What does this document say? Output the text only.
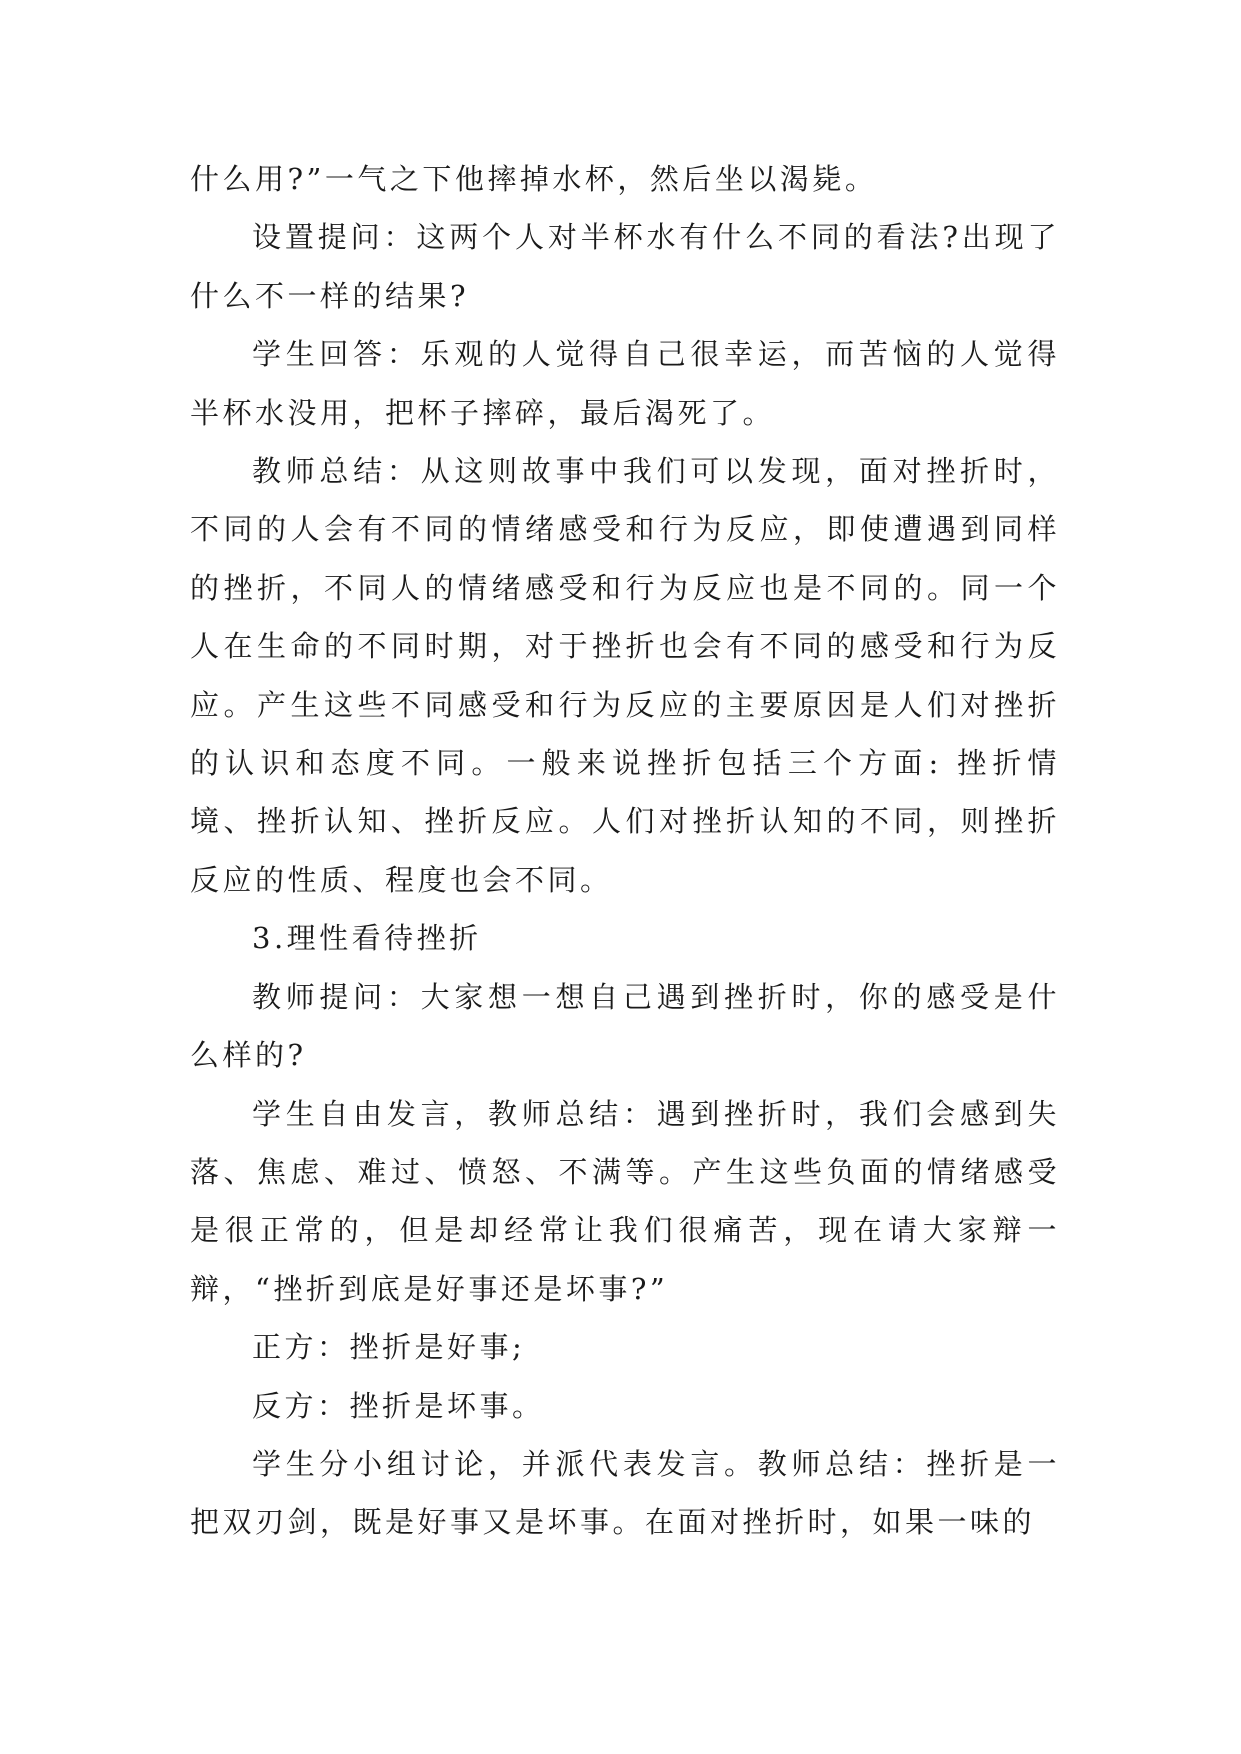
什么用?”一气之下他摔掉水杯，然后坐以渴毙。

设置提问：这两个人对半杯水有什么不同的看法?出现了什么不一样的结果?

学生回答：乐观的人觉得自己很幸运，而苦恼的人觉得半杯水没用，把杯子摔碎，最后渴死了。

教师总结：从这则故事中我们可以发现，面对挫折时，不同的人会有不同的情绪感受和行为反应，即使遭遇到同样的挫折，不同人的情绪感受和行为反应也是不同的。同一个人在生命的不同时期，对于挫折也会有不同的感受和行为反应。产生这些不同感受和行为反应的主要原因是人们对挫折的认识和态度不同。一般来说挫折包括三个方面: 挫折情境、挫折认知、挫折反应。人们对挫折认知的不同，则挫折反应的性质、程度也会不同。

3.理性看待挫折

教师提问：大家想一想自己遇到挫折时，你的感受是什么样的?

学生自由发言，教师总结：遇到挫折时，我们会感到失落、焦虑、难过、愤怒、不满等。产生这些负面的情绪感受是很正常的，但是却经常让我们很痛苦，现在请大家辩一辩，“挫折到底是好事还是坏事?”

正方：挫折是好事;

反方：挫折是坏事。

学生分小组讨论，并派代表发言。教师总结：挫折是一把双刃剑，既是好事又是坏事。在面对挫折时，如果一味的
